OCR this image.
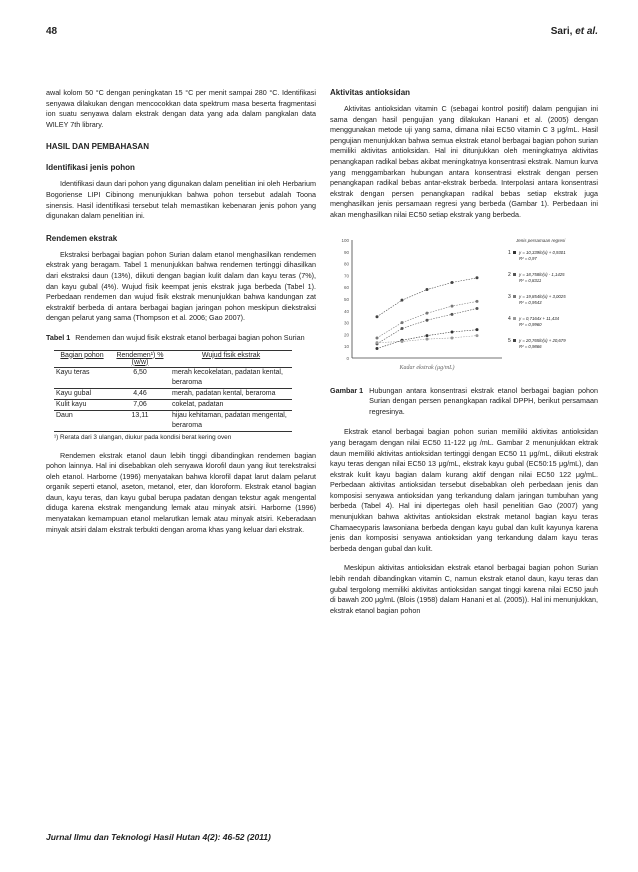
48	Sari, et al.

awal kolom 50 °C dengan peningkatan 15 °C per menit sampai 280 °C. Identifikasi senyawa dilakukan dengan mencocokkan data spektrum masa beserta fragmentasi ion suatu senyawa dalam ekstrak dengan data yang ada dalam pangkalan data WILEY 7th library.

HASIL DAN PEMBAHASAN
Identifikasi jenis pohon

Identifikasi daun dari pohon yang digunakan dalam penelitian ini oleh Herbarium Bogoriense LIPI Cibinong menunjukkan bahwa pohon tersebut adalah Toona sinensis. Hasil identifikasi tersebut telah memastikan kebenaran jenis pohon yang digunakan dalam penelitian ini.

Rendemen ekstrak

Ekstraksi berbagai bagian pohon Surian dalam etanol menghasilkan rendemen ekstrak yang beragam. Tabel 1 menunjukkan bahwa rendemen tertinggi dihasilkan dari ekstraksi daun (13%), diikuti dengan bagian kulit dalam dan kayu teras (7%), dan kayu gubal (4%). Wujud fisik keempat jenis ekstrak juga berbeda (Tabel 1). Perbedaan rendemen dan wujud fisik ekstrak menunjukkan bahwa kandungan zat ekstraktif berbeda di antara berbagai bagian jaringan pohon meskipun diekstraksi dengan pelarut yang sama (Thompson et al. 2006; Gao 2007).

Tabel 1 Rendemen dan wujud fisik ekstrak etanol berbagai bagian pohon Surian
Bagian pohon	Rendemen¹) % (w/w)	Wujud fisik ekstrak
Kayu teras	6,50	merah kecokelatan, padatan kental, beraroma
Kayu gubal	4,46	merah, padatan kental, beraroma
Kulit kayu	7,06	cokelat, padatan
Daun	13,11	hijau kehitaman, padatan mengental, beraroma
¹) Rerata dari 3 ulangan, diukur pada kondisi berat kering oven

Rendemen ekstrak etanol daun lebih tinggi dibandingkan rendemen bagian pohon lainnya. Hal ini disebabkan oleh senyawa klorofil daun yang ikut terekstraksi oleh etanol. Harborne (1996) menyatakan bahwa klorofil dapat larut dalam pelarut organik seperti etanol, aseton, metanol, eter, dan kloroform. Ekstrak etanol bagian daun, kayu teras, dan kayu gubal berupa padatan dengan tekstur agak mengental diduga karena ekstrak mengandung lemak atau minyak atsiri. Harborne (1996) menyatakan kemampuan etanol melarutkan lemak atau minyak atsiri. Keberadaan minyak atsiri dalam ekstrak terbukti dengan aroma khas yang keluar dari ekstrak.

Aktivitas antioksidan

Aktivitas antioksidan vitamin C (sebagai kontrol positif) dalam pengujian ini sama dengan hasil pengujian yang dilakukan Hanani et al. (2005) dengan menggunakan metode uji yang sama, dimana nilai EC50 vitamin C 3 μg/mL. Hasil pengujian menunjukkan bahwa semua ekstrak etanol berbagai bagian pohon surian memiliki aktivitas antioksidan. Hal ini ditunjukkan oleh meningkatnya aktivitas penangkapan radikal bebas akibat meningkatnya konsentrasi ekstrak. Namun kurva yang menggambarkan hubungan antara konsentrasi ekstrak dengan persen penangkapan radikal bebas antar-ekstrak berbeda. Interpolasi antara konsentrasi ekstrak dengan persen penangkapan radikal bebas setiap ekstrak juga menghasilkan jenis persamaan regresi yang berbeda (Gambar 1). Perbedaan ini akan menghasilkan nilai EC50 setiap ekstrak yang berbeda.

100
90
80
70
60
50
40
30
20
10
0
Kadar ekstrak (μg/mL)
Jenis persamaan regresi
1 y = 10,339ln(x) + 0,9301
R² = 0,97
2 y = 18,758ln(x) - 1,1425
R² = 0,8311
3 y = 19,854ln(x) + 3,0025
R² = 0,9543
4 y = 0,7164x + 11,434
R² = 0,9960
5 y = 20,765ln(x) + 20,679
R² = 0,9866
Gambar 1 Hubungan antara konsentrasi ekstrak etanol berbagai bagian pohon Surian dengan persen penangkapan radikal DPPH, berikut persamaan regresinya.

Ekstrak etanol berbagai bagian pohon surian memiliki aktivitas antioksidan yang beragam dengan nilai EC50 11-122 μg /mL. Gambar 2 menunjukkan ektrak daun memiliki aktivitas antioksidan tertinggi dengan EC50 11 μg/mL, diikuti ekstrak kayu teras dengan nilai EC50 13 μg/mL, ekstrak kayu gubal (EC50:15 μg/mL), dan ekstrak kulit kayu bagian dalam kurang aktif dengan nilai EC50 122 μg/mL. Perbedaan aktivitas antioksidan tersebut disebabkan oleh perbedaan jenis dan komposisi senyawa antioksidan yang terkandung dalam jaringan tumbuhan yang berbeda (Tabel 4). Hal ini dipertegas oleh hasil penelitian Gao (2007) yang menunjukkan bahwa aktivitas antioksidan ekstrak metanol bagian kayu teras Chamaecyparis lawsoniana berbeda dengan kayu gubal dan kulit kayunya karena jenis dan komposisi senyawa antioksidan yang terkandung dalam kayu teras berbeda dengan gubal dan kulit.

Meskipun aktivitas antioksidan ekstrak etanol berbagai bagian pohon Surian lebih rendah dibandingkan vitamin C, namun ekstrak etanol daun, kayu teras dan gubal tergolong memiliki aktivitas antioksidan sangat tinggi karena nilai EC50 jauh di bawah 200 μg/mL (Blois (1958) dalam Hanani et al. (2005)). Hal ini menunjukkan, ekstrak etanol bagian pohon

Jurnal Ilmu dan Teknologi Hasil Hutan 4(2): 46-52 (2011)
